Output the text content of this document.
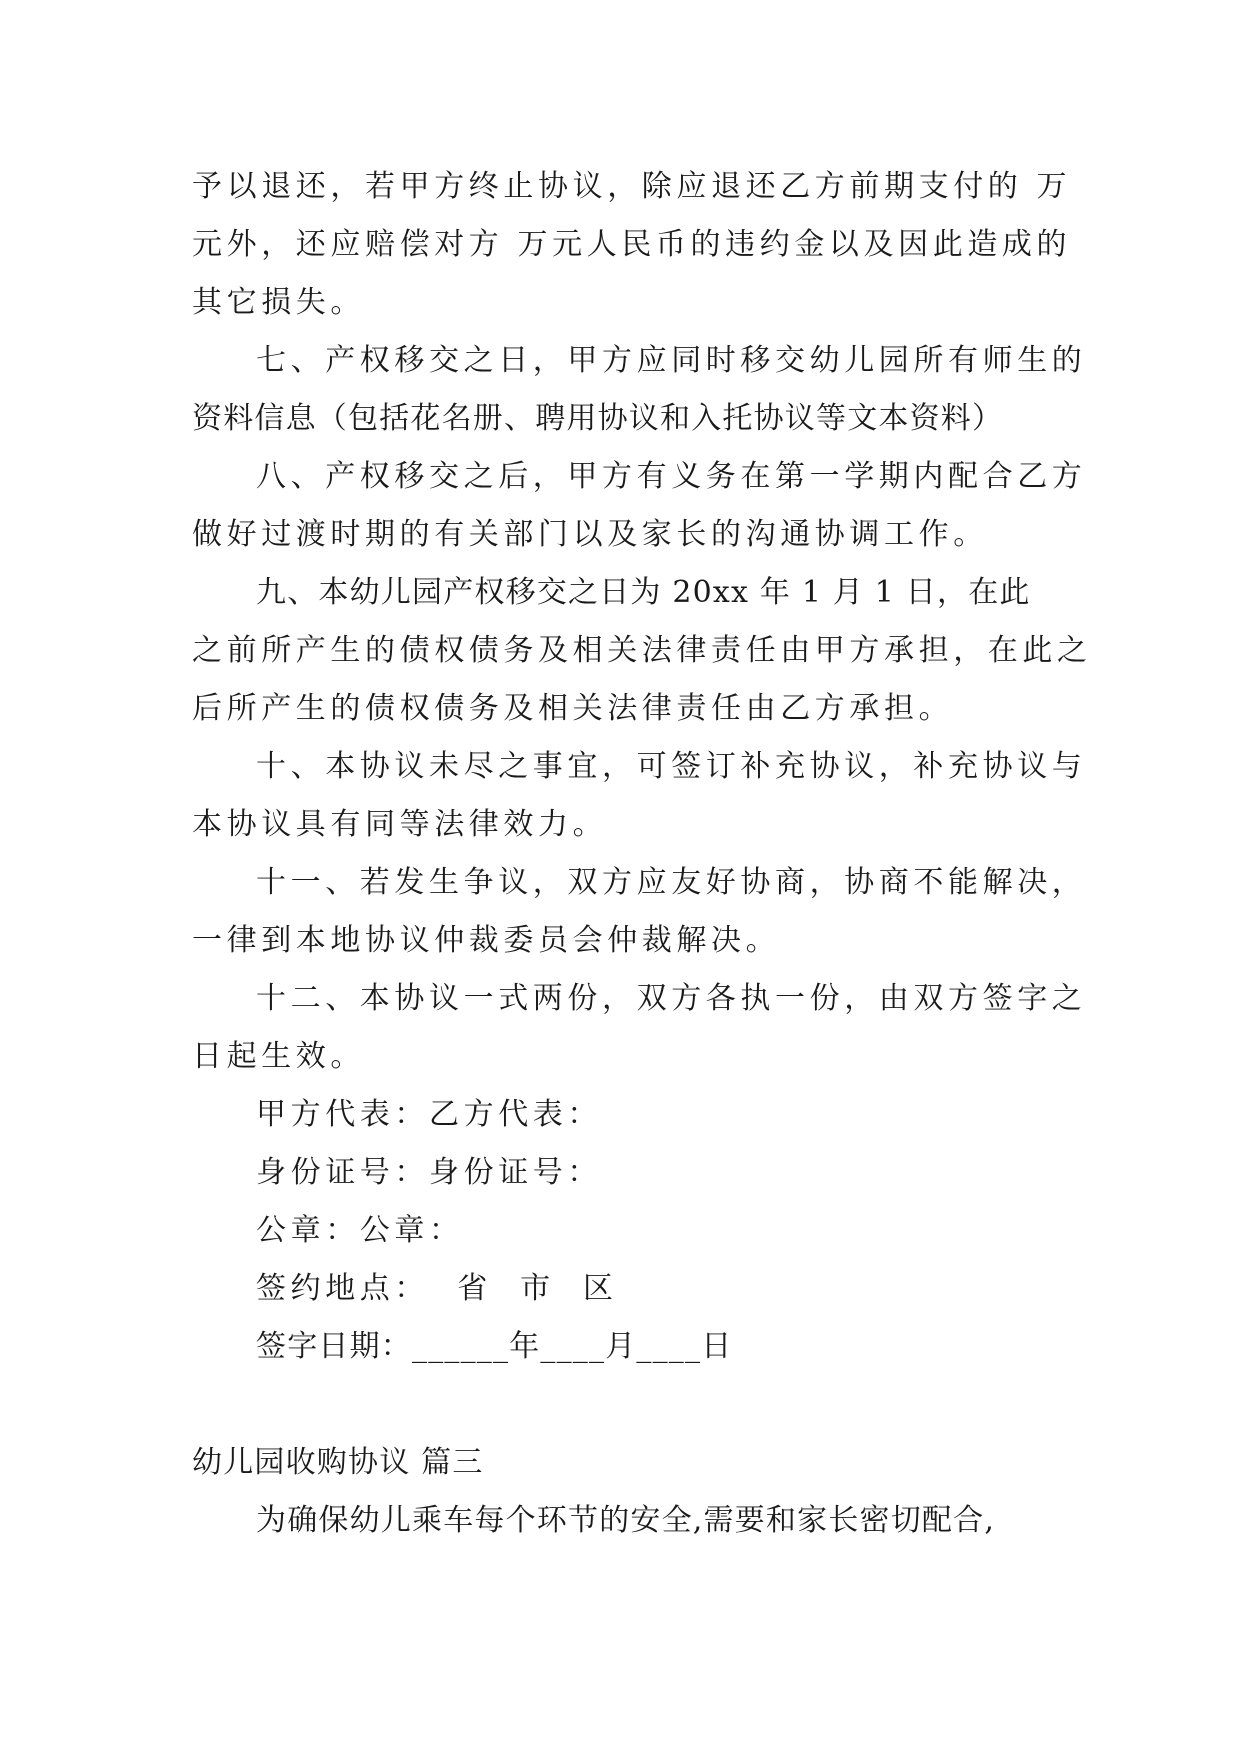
予以退还，若甲方终止协议，除应退还乙方前期支付的 万
元外，还应赔偿对方 万元人民币的违约金以及因此造成的
其它损失。
七、产权移交之日，甲方应同时移交幼儿园所有师生的
资料信息（包括花名册、聘用协议和入托协议等文本资料）
八、产权移交之后，甲方有义务在第一学期内配合乙方
做好过渡时期的有关部门以及家长的沟通协调工作。
九、本幼儿园产权移交之日为 20xx 年 1 月 1 日，在此
之前所产生的债权债务及相关法律责任由甲方承担，在此之
后所产生的债权债务及相关法律责任由乙方承担。
十、本协议未尽之事宜，可签订补充协议，补充协议与
本协议具有同等法律效力。
十一、若发生争议，双方应友好协商，协商不能解决，
一律到本地协议仲裁委员会仲裁解决。
十二、本协议一式两份，双方各执一份，由双方签字之
日起生效。
甲方代表：乙方代表：
身份证号：身份证号：
公章：公章：
签约地点：  省  市  区
签字日期：______年____月____日
幼儿园收购协议 篇三
为确保幼儿乘车每个环节的安全,需要和家长密切配合,
